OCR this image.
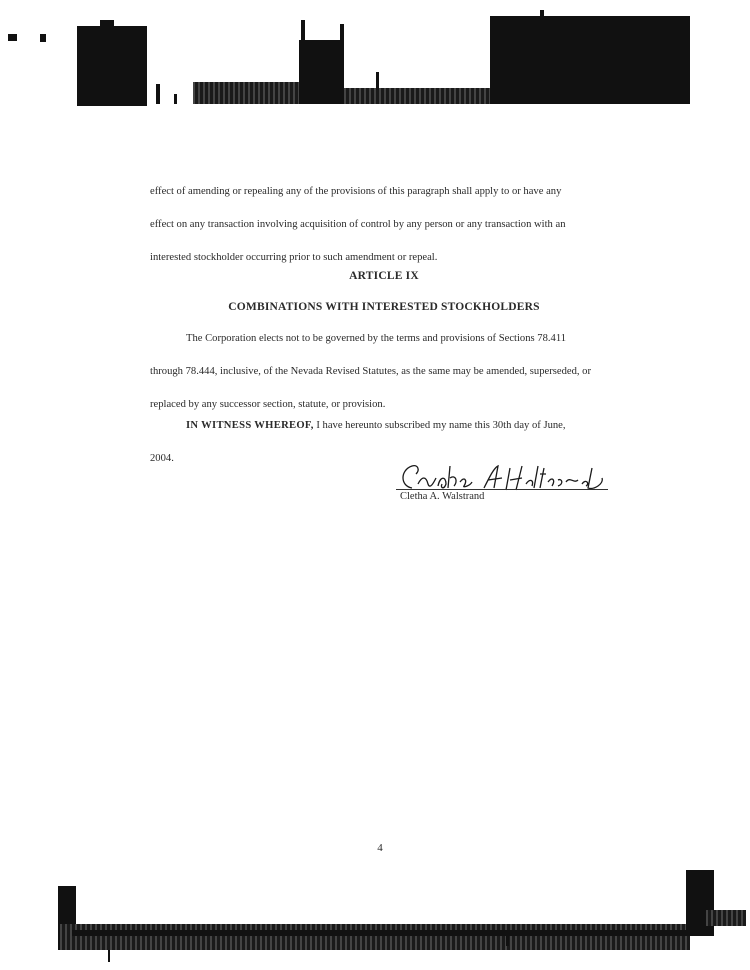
effect of amending or repealing any of the provisions of this paragraph shall apply to or have any
effect on any transaction involving acquisition of control by any person or any transaction with an
interested stockholder occurring prior to such amendment or repeal.
ARTICLE IX
COMBINATIONS WITH INTERESTED STOCKHOLDERS
The Corporation elects not to be governed by the terms and provisions of Sections 78.411
through 78.444, inclusive, of the Nevada Revised Statutes, as the same may be amended, superseded, or
replaced by any successor section, statute, or provision.
IN WITNESS WHEREOF, I have hereunto subscribed my name this 30th day of June,
2004.
Cletha A. Walstrand
4
